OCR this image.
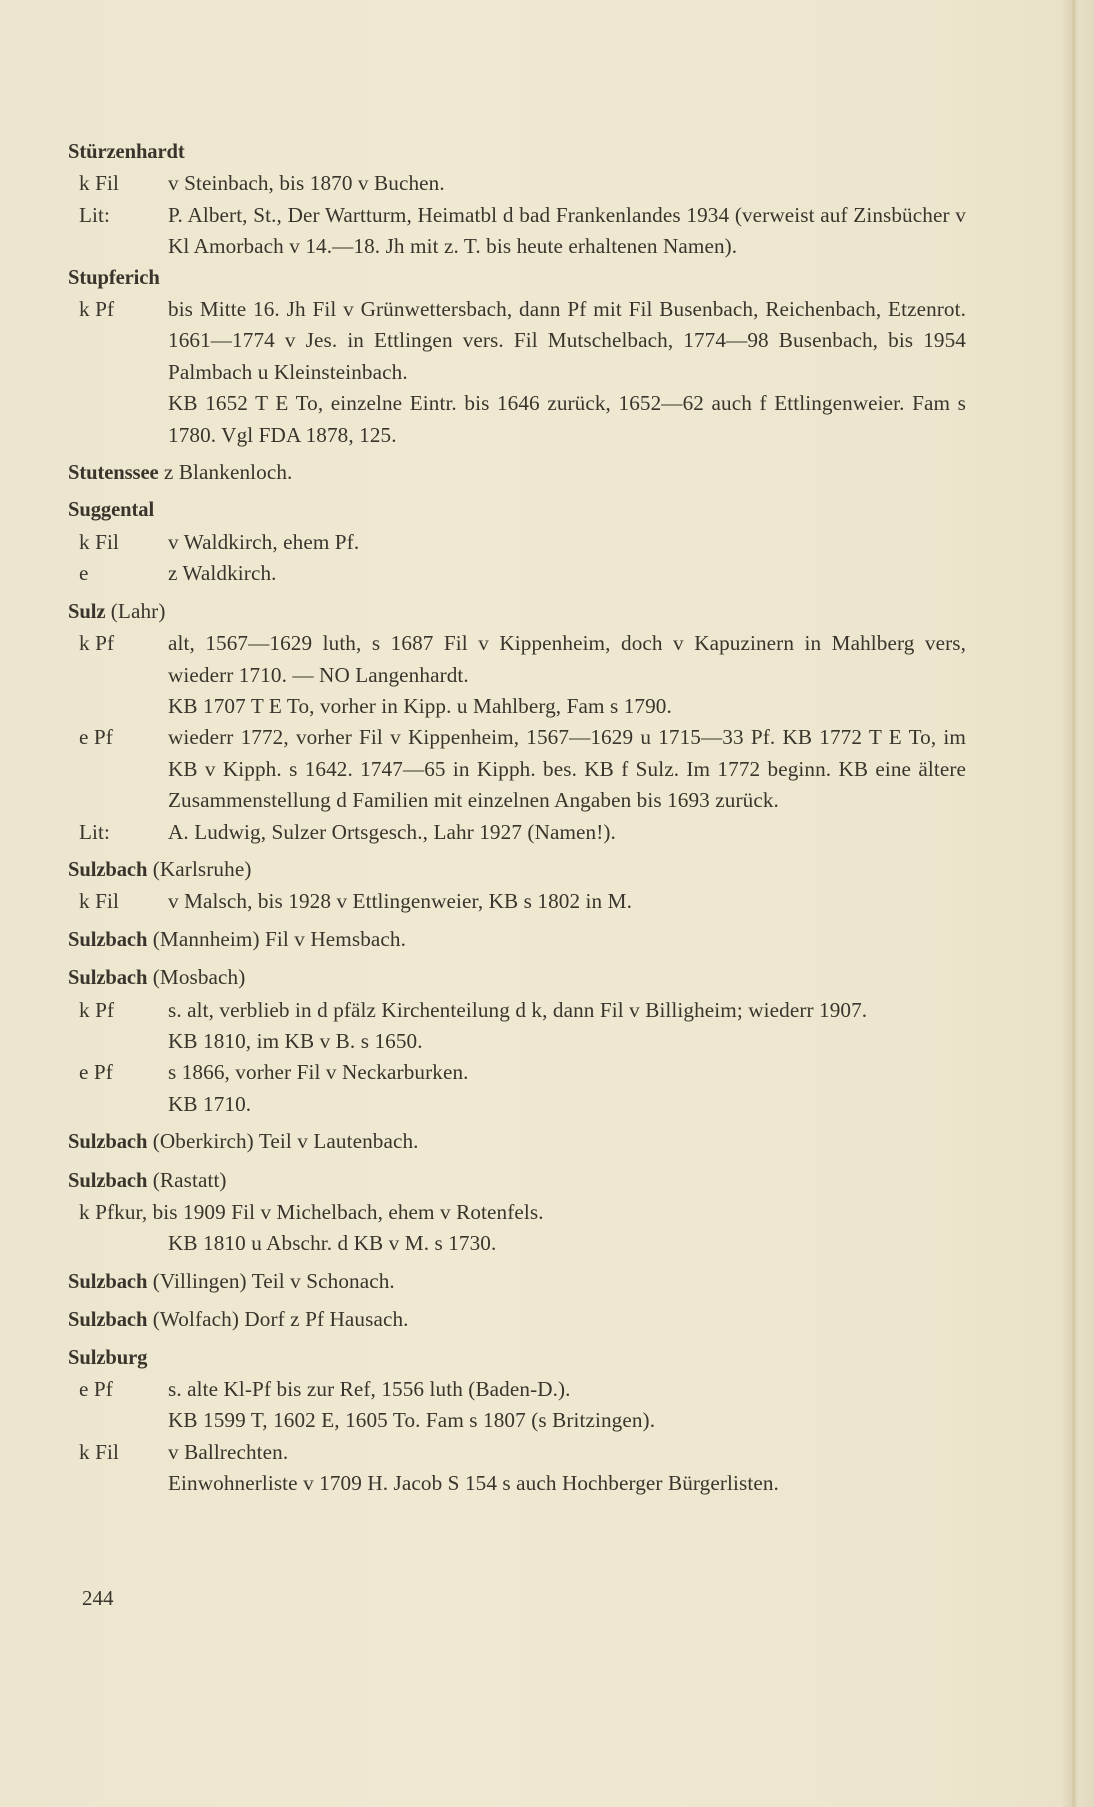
Stürzenhardt
k Fil	v Steinbach, bis 1870 v Buchen.

Lit:	P. Albert, St., Der Wartturm, Heimatbl d bad Frankenlandes 1934 (verweist auf Zinsbücher v Kl Amorbach v 14.—18. Jh mit z. T. bis heute erhaltenen Namen).

Stupferich
k Pf	bis Mitte 16. Jh Fil v Grünwettersbach, dann Pf mit Fil Busenbach, Reichenbach, Etzenrot. 1661—1774 v Jes. in Ettlingen vers. Fil Mutschelbach, 1774—98 Busenbach, bis 1954 Palmbach u Kleinsteinbach.

KB 1652 T E To, einzelne Eintr. bis 1646 zurück, 1652—62 auch f Ettlingenweier. Fam s 1780. Vgl FDA 1878, 125.

Stutenssee z Blankenloch.
Suggental
k Fil	v Waldkirch, ehem Pf.

e	z Waldkirch.

Sulz (Lahr)
k Pf	alt, 1567—1629 luth, s 1687 Fil v Kippenheim, doch v Kapuzinern in Mahlberg vers, wiederr 1710. — NO Langenhardt.

KB 1707 T E To, vorher in Kipp. u Mahlberg, Fam s 1790.

e Pf	wiederr 1772, vorher Fil v Kippenheim, 1567—1629 u 1715—33 Pf. KB 1772 T E To, im KB v Kipph. s 1642. 1747—65 in Kipph. bes. KB f Sulz. Im 1772 beginn. KB eine ältere Zusammenstellung d Familien mit einzelnen Angaben bis 1693 zurück.

Lit:	A. Ludwig, Sulzer Ortsgesch., Lahr 1927 (Namen!).

Sulzbach (Karlsruhe)
k Fil	v Malsch, bis 1928 v Ettlingenweier, KB s 1802 in M.

Sulzbach (Mannheim) Fil v Hemsbach.
Sulzbach (Mosbach)
k Pf	s. alt, verblieb in d pfälz Kirchenteilung d k, dann Fil v Billigheim; wiederr 1907.

KB 1810, im KB v B. s 1650.

e Pf	s 1866, vorher Fil v Neckarburken.

KB 1710.

Sulzbach (Oberkirch) Teil v Lautenbach.
Sulzbach (Rastatt)
k Pfkur, bis 1909 Fil v Michelbach, ehem v Rotenfels.
KB 1810 u Abschr. d KB v M. s 1730.
Sulzbach (Villingen) Teil v Schonach.
Sulzbach (Wolfach) Dorf z Pf Hausach.
Sulzburg
e Pf	s. alte Kl-Pf bis zur Ref, 1556 luth (Baden-D.).

KB 1599 T, 1602 E, 1605 To. Fam s 1807 (s Britzingen).

k Fil	v Ballrechten.

Einwohnerliste v 1709 H. Jacob S 154 s auch Hochberger Bürgerlisten.

244
